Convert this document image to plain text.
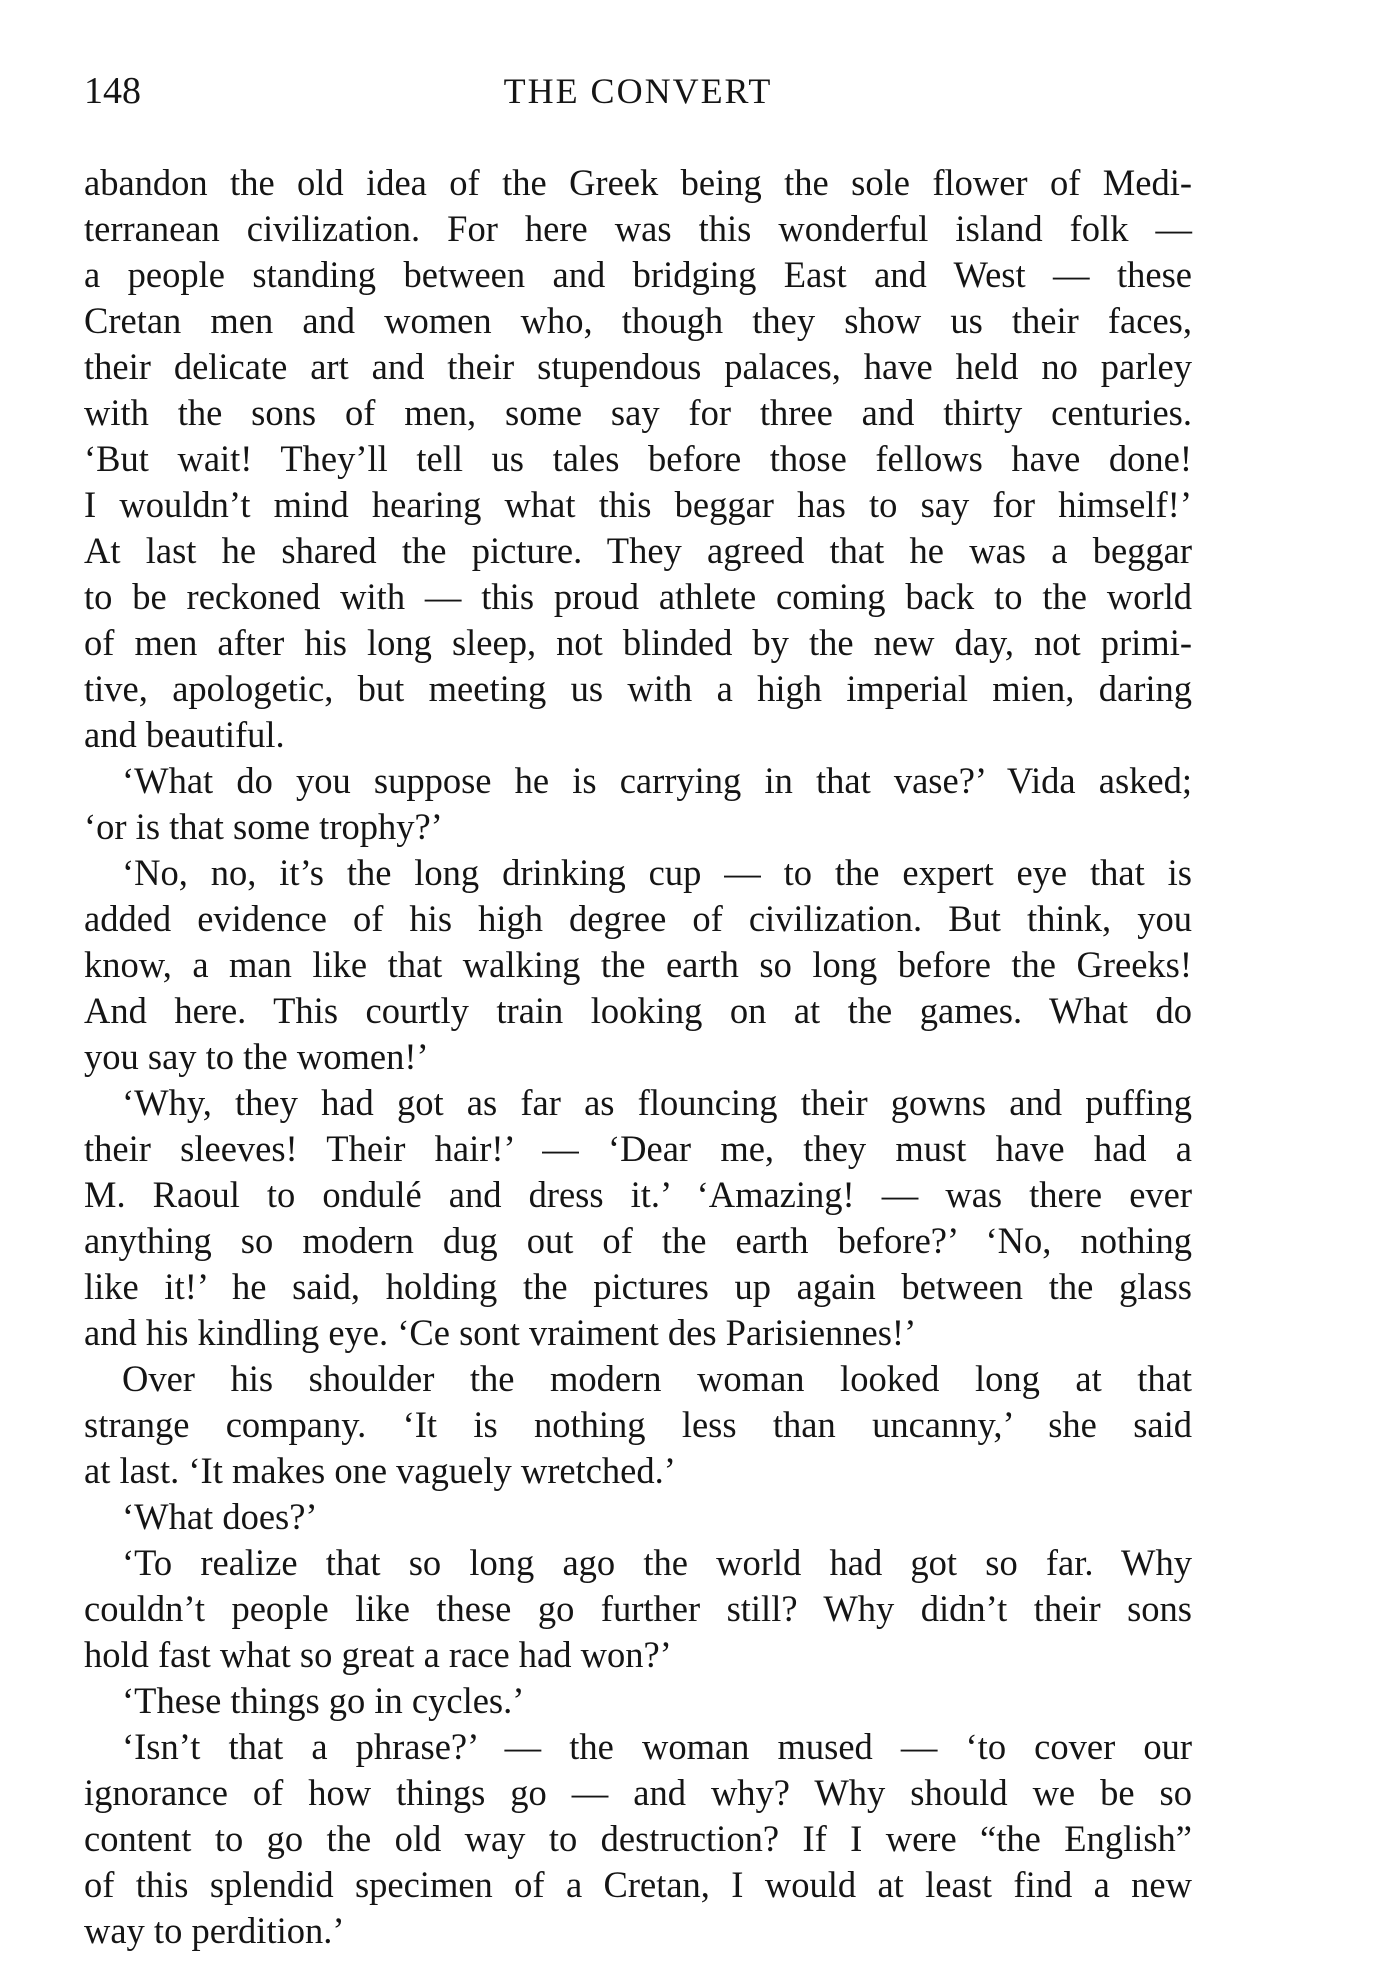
148	THE CONVERT
abandon the old idea of the Greek being the sole flower of Medi-
terranean civilization. For here was this wonderful island folk —
a people standing between and bridging East and West — these
Cretan men and women who, though they show us their faces,
their delicate art and their stupendous palaces, have held no parley
with the sons of men, some say for three and thirty centuries.
‘But wait! They’ll tell us tales before those fellows have done!
I wouldn’t mind hearing what this beggar has to say for himself!’
At last he shared the picture. They agreed that he was a beggar
to be reckoned with — this proud athlete coming back to the world
of men after his long sleep, not blinded by the new day, not primi-
tive, apologetic, but meeting us with a high imperial mien, daring
and beautiful.
‘What do you suppose he is carrying in that vase?’ Vida asked;
‘or is that some trophy?’
‘No, no, it’s the long drinking cup — to the expert eye that is
added evidence of his high degree of civilization. But think, you
know, a man like that walking the earth so long before the Greeks!
And here. This courtly train looking on at the games. What do
you say to the women!’
‘Why, they had got as far as flouncing their gowns and puffing
their sleeves! Their hair!’ — ‘Dear me, they must have had a
M. Raoul to ondulé and dress it.’ ‘Amazing! — was there ever
anything so modern dug out of the earth before?’ ‘No, nothing
like it!’ he said, holding the pictures up again between the glass
and his kindling eye. ‘Ce sont vraiment des Parisiennes!’
Over his shoulder the modern woman looked long at that
strange company. ‘It is nothing less than uncanny,’ she said
at last. ‘It makes one vaguely wretched.’
‘What does?’
‘To realize that so long ago the world had got so far. Why
couldn’t people like these go further still? Why didn’t their sons
hold fast what so great a race had won?’
‘These things go in cycles.’
‘Isn’t that a phrase?’ — the woman mused — ‘to cover our
ignorance of how things go — and why? Why should we be so
content to go the old way to destruction? If I were “the English”
of this splendid specimen of a Cretan, I would at least find a new
way to perdition.’
